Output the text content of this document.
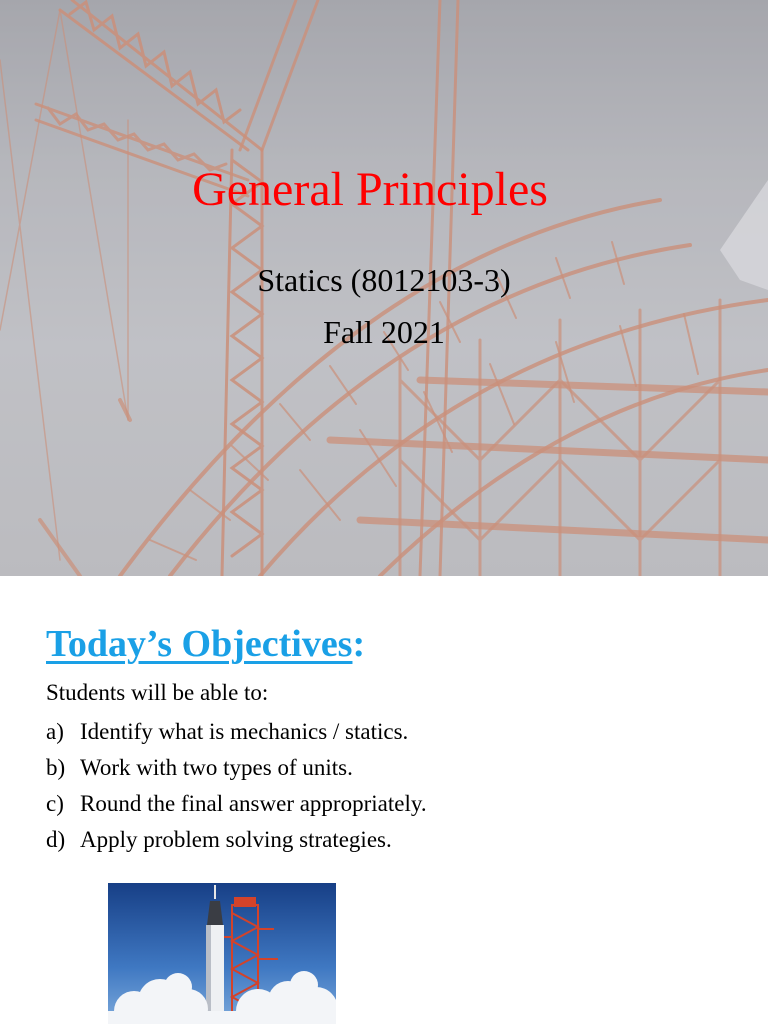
General Principles
Statics (8012103-3)
Fall 2021
Today’s Objectives:
Students will be able to:
a) Identify what is mechanics / statics.
b) Work with two types of units.
c) Round the final answer appropriately.
d) Apply problem solving strategies.
